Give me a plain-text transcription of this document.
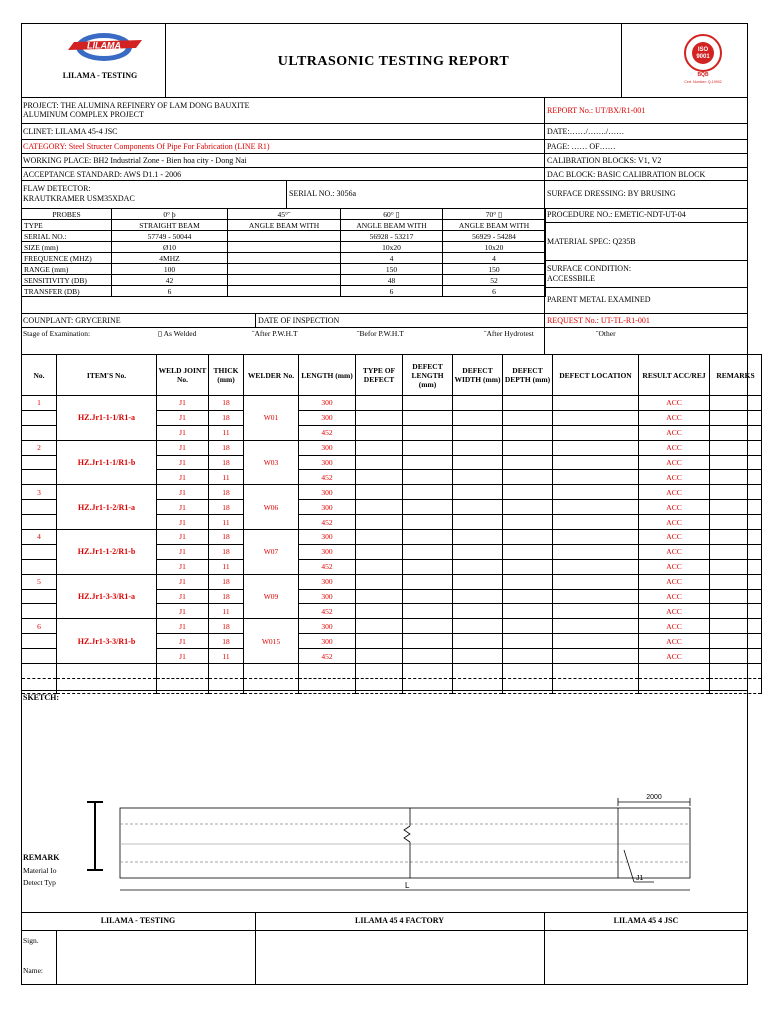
LILAMA
LILAMA - TESTING
ULTRASONIC TESTING REPORT
ISO
9001
BQB
Cert. Number: Q-19902
PROJECT: THE ALUMINA REFINERY OF LAM DONG BAUXITE
ALUMINUM COMPLEX PROJECT	REPORT No.: UT/BX/R1-001
CLINET: LILAMA 45-4 JSC	DATE:……/……./……
CATEGORY: Steel Structer Components Of Pipe For Fabrication (LINE R1)	PAGE: …… OF……
WORKING PLACE: BH2 Industrial Zone - Bien hoa city - Dong Nai	CALIBRATION BLOCKS: V1, V2
ACCEPTANCE STANDARD: AWS D1.1 - 2006	DAC BLOCK: BASIC CALIBRATION BLOCK
FLAW DETECTOR:
KRAUTKRAMER USM35XDAC
SERIAL NO.: 3056a	SURFACE DRESSING: BY BRUSING
PROBES	0° þ	45°˝	60° ▯	70° ▯
TYPE	STRAIGHT BEAM	ANGLE BEAM WITH	ANGLE BEAM WITH	ANGLE BEAM WITH
SERIAL NO.:	57749 - 50044		56928 - 53217	56929 - 54284
SIZE (mm)	Ø10		10x20	10x20
FREQUENCE (MHZ)	4MHZ		4	4
RANGE (mm)	100		150	150
SENSITIVITY (DB)	42		48	52
TRANSFER (DB)	6		6	6
PROCEDURE NO.: EMETIC-NDT-UT-04
MATERIAL SPEC: Q235B
SURFACE CONDITION:
ACCESSBILE
PARENT METAL EXAMINED
COUNPLANT: GRYCERINE	DATE OF INSPECTION	REQUEST No.: UT-TL-R1-001
Stage of Examination:	▯ As Welded	˝After P.W.H.T	˝Befor P.W.H.T	˝After Hydrotest	˝Other
No.	ITEM'S No.	WELD JOINT No.	THICK (mm)	WELDER No.	LENGTH (mm)	TYPE OF DEFECT	DEFECT LENGTH (mm)	DEFECT WIDTH (mm)	DEFECT DEPTH (mm)	DEFECT LOCATION	RESULT ACC/REJ	REMARKS
1	HZ.Jr1-1-1/R1-a	J1	18	W01	300						ACC	
		J1	18		300						ACC	
		J1	11		452						ACC	
2	HZ.Jr1-1-1/R1-b	J1	18	W03	300						ACC	
		J1	18		300						ACC	
		J1	11		452						ACC	
3	HZ.Jr1-1-2/R1-a	J1	18	W06	300						ACC	
		J1	18		300						ACC	
		J1	11		452						ACC	
4	HZ.Jr1-1-2/R1-b	J1	18	W07	300						ACC	
		J1	18		300						ACC	
		J1	11		452						ACC	
5	HZ.Jr1-3-3/R1-a	J1	18	W09	300						ACC	
		J1	18		300						ACC	
		J1	11		452						ACC	
6	HZ.Jr1-3-3/R1-b	J1	18	W015	300						ACC	
		J1	18		300						ACC	
		J1	11		452						ACC	

SKETCH:
2000
L
J1
REMARK
Material Io
Detect Typ
LILAMA - TESTING	LILAMA 45 4 FACTORY	LILAMA 45 4 JSC
Sign.
Name:
